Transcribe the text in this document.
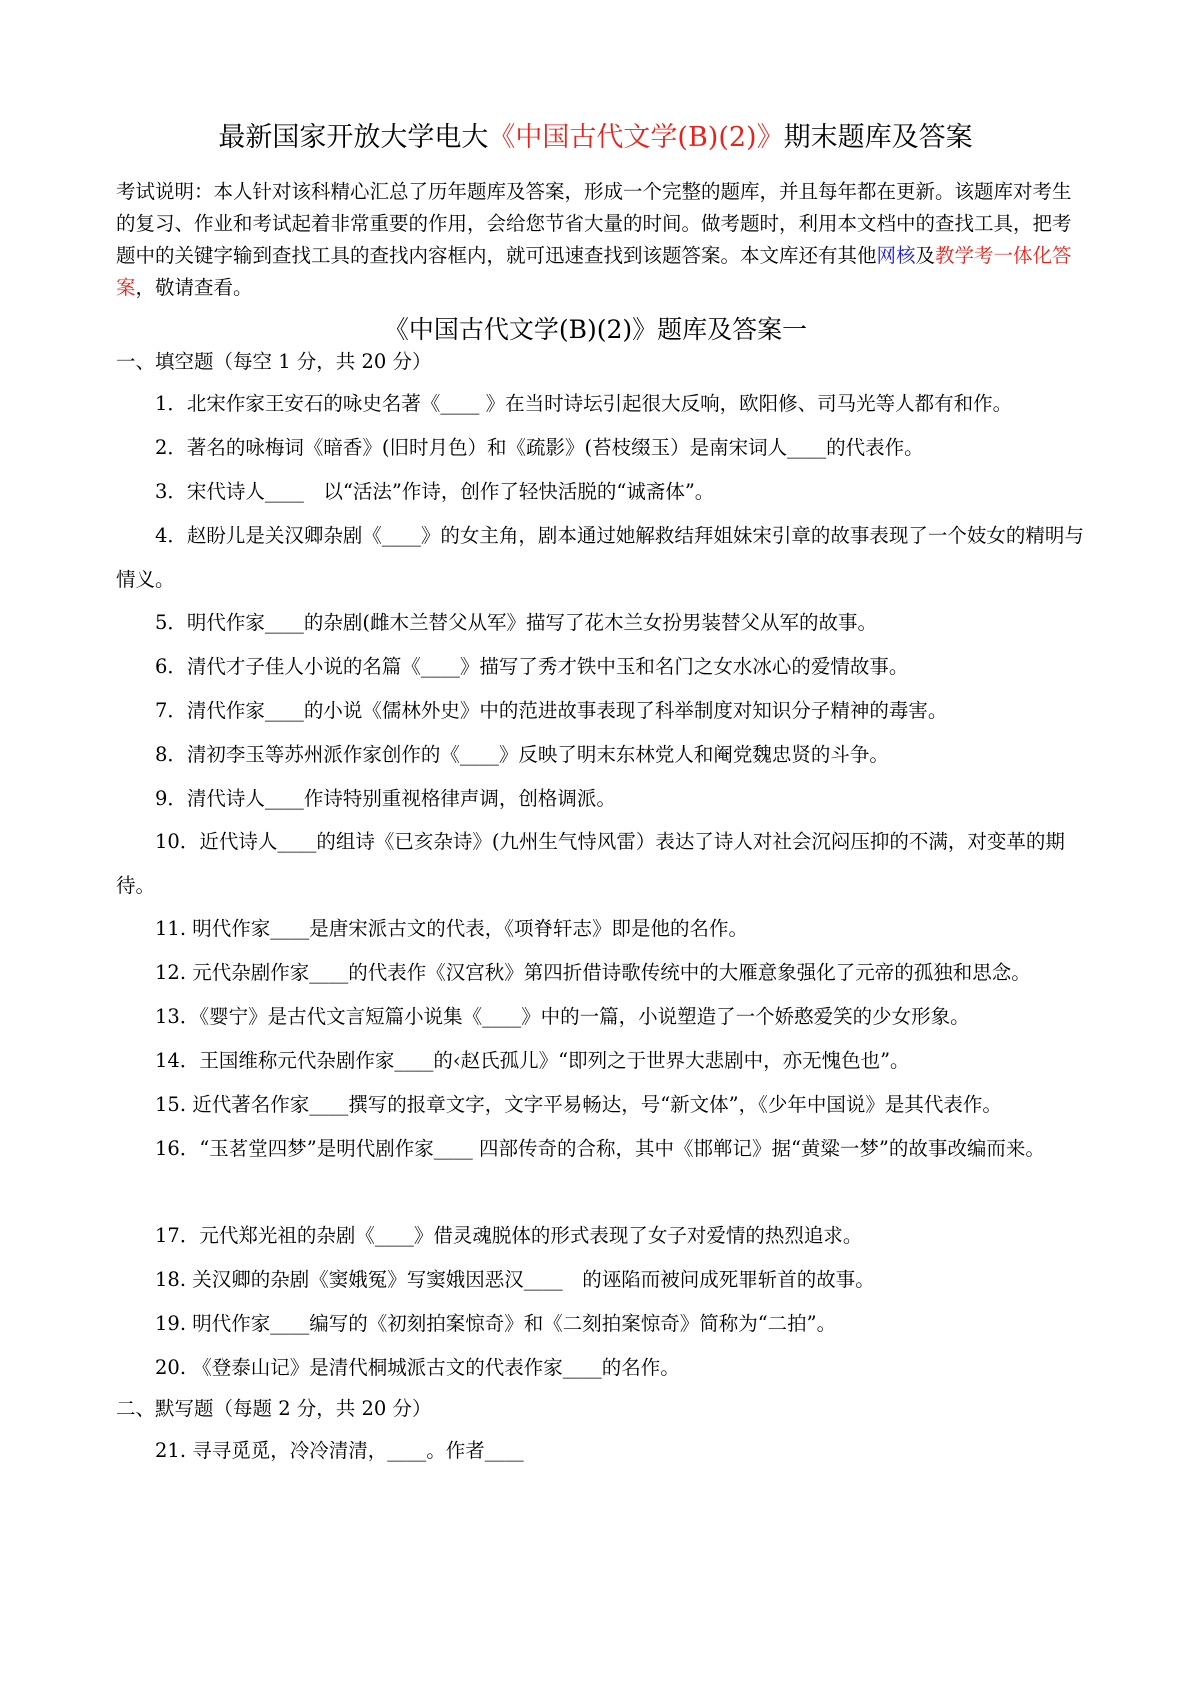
最新国家开放大学电大《中国古代文学(B)(2)》期末题库及答案
考试说明：本人针对该科精心汇总了历年题库及答案，形成一个完整的题库，并且每年都在更新。该题库对考生的复习、作业和考试起着非常重要的作用，会给您节省大量的时间。做考题时，利用本文档中的查找工具，把考题中的关键字输到查找工具的查找内容框内，就可迅速查找到该题答案。本文库还有其他网核及教学考一体化答案，敬请查看。
《中国古代文学(B)(2)》题库及答案一
一、填空题（每空 1 分，共 20 分）
1．北宋作家王安石的咏史名著《____ 》在当时诗坛引起很大反响，欧阳修、司马光等人都有和作。
2．著名的咏梅词《暗香》(旧时月色）和《疏影》(苔枝缀玉）是南宋词人____的代表作。
3．宋代诗人____　以“活法”作诗，创作了轻快活脱的“诚斋体”。
4．赵盼儿是关汉卿杂剧《____》的女主角，剧本通过她解救结拜姐妹宋引章的故事表现了一个妓女的精明与情义。
5．明代作家____的杂剧(雌木兰替父从军》描写了花木兰女扮男装替父从军的故事。
6．清代才子佳人小说的名篇《____》描写了秀才铁中玉和名门之女水冰心的爱情故事。
7．清代作家____的小说《儒林外史》中的范进故事表现了科举制度对知识分子精神的毒害。
8．清初李玉等苏州派作家创作的《____》反映了明末东林党人和阉党魏忠贤的斗争。
9．清代诗人____作诗特别重视格律声调，创格调派。
10．近代诗人____的组诗《已亥杂诗》(九州生气恃风雷）表达了诗人对社会沉闷压抑的不满，对变革的期待。
11. 明代作家____是唐宋派古文的代表，《项脊轩志》即是他的名作。
12. 元代杂剧作家____的代表作《汉宫秋》第四折借诗歌传统中的大雁意象强化了元帝的孤独和思念。
13．《婴宁》是古代文言短篇小说集《____》中的一篇，小说塑造了一个娇憨爱笑的少女形象。
14．王国维称元代杂剧作家____的‹赵氏孤儿》“即列之于世界大悲剧中，亦无愧色也”。
15. 近代著名作家____撰写的报章文字，文字平易畅达，号“新文体”，《少年中国说》是其代表作。
16．“玉茗堂四梦”是明代剧作家____ 四部传奇的合称，其中《邯郸记》据“黄粱一梦”的故事改编而来。
17．元代郑光祖的杂剧《____》借灵魂脱体的形式表现了女子对爱情的热烈追求。
18. 关汉卿的杂剧《窦娥冤》写窦娥因恶汉____　的诬陷而被问成死罪斩首的故事。
19. 明代作家____编写的《初刻拍案惊奇》和《二刻拍案惊奇》简称为“二拍”。
20. 《登泰山记》是清代桐城派古文的代表作家____的名作。
二、默写题（每题 2 分，共 20 分）
21. 寻寻觅觅，冷冷清清，____。作者____
